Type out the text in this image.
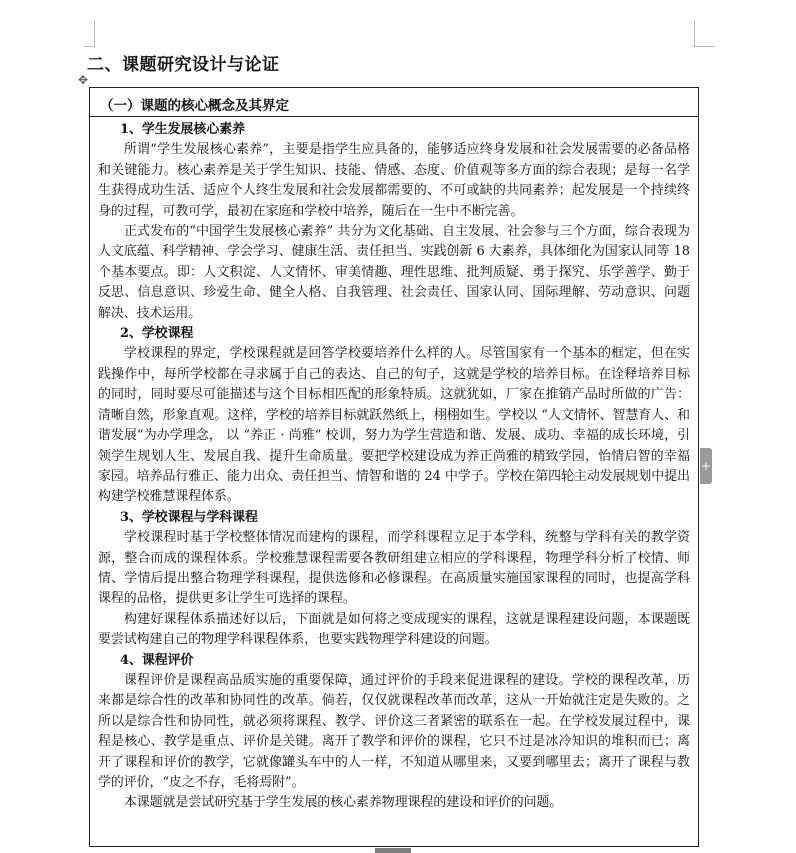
二、课题研究设计与论证
✥
（一）课题的核心概念及其界定
1、学生发展核心素养

所谓“学生发展核心素养”，主要是指学生应具备的，能够适应终身发展和社会发展需要的必备品格和关键能力。核心素养是关于学生知识、技能、情感、态度、价值观等多方面的综合表现；是每一名学生获得成功生活、适应个人终生发展和社会发展都需要的、不可或缺的共同素养；起发展是一个持续终身的过程，可教可学，最初在家庭和学校中培养，随后在一生中不断完善。

正式发布的“中国学生发展核心素养” 共分为文化基础、自主发展、社会参与三个方面，综合表现为人文底蕴、科学精神、学会学习、健康生活、责任担当、实践创新 6 大素养，具体细化为国家认同等 18 个基本要点。即：人文积淀、人文情怀、审美情趣、理性思维、批判质疑、勇于探究、乐学善学、勤于反思、信息意识、珍爱生命、健全人格、自我管理、社会责任、国家认同、国际理解、劳动意识、问题解决、技术运用。

2、学校课程

学校课程的界定，学校课程就是回答学校要培养什么样的人。尽管国家有一个基本的框定，但在实践操作中，每所学校都在寻求属于自己的表达、自己的句子，这就是学校的培养目标。在诠释培养目标的同时，同时要尽可能描述与这个目标相匹配的形象特质。这就犹如，厂家在推销产品时所做的广告：清晰自然，形象直观。这样，学校的培养目标就跃然纸上，栩栩如生。学校以 “人文情怀、智慧育人、和谐发展”为办学理念， 以 “养正 · 尚雅” 校训，努力为学生营造和谐、发展、成功、幸福的成长环境，引领学生规划人生、发展自我、提升生命质量。要把学校建设成为养正尚雅的精致学园，怡情启智的幸福家园。培养品行雅正、能力出众、责任担当、情智和谐的 24 中学子。学校在第四轮主动发展规划中提出构建学校雅慧课程体系。

3、学校课程与学科课程

学校课程时基于学校整体情况而建构的课程，而学科课程立足于本学科，统整与学科有关的教学资源，整合而成的课程体系。学校雅慧课程需要各教研组建立相应的学科课程，物理学科分析了校情、师情、学情后提出整合物理学科课程，提供选修和必修课程。在高质量实施国家课程的同时，也提高学科课程的品格，提供更多让学生可选择的课程。

构建好课程体系描述好以后，下面就是如何将之变成现实的课程，这就是课程建设问题，本课题既要尝试构建自己的物理学科课程体系，也要实践物理学科建设的问题。

4、课程评价

课程评价是课程高品质实施的重要保障，通过评价的手段来促进课程的建设。学校的课程改革，历来都是综合性的改革和协同性的改革。倘若，仅仅就课程改革而改革，这从一开始就注定是失败的。之所以是综合性和协同性，就必须将课程、教学、评价这三者紧密的联系在一起。在学校发展过程中，课程是核心、教学是重点、评价是关键。离开了教学和评价的课程，它只不过是冰冷知识的堆积而已；离开了课程和评价的教学，它就像罐头车中的人一样，不知道从哪里来，又要到哪里去；离开了课程与教学的评价，“皮之不存，毛将焉附”。

本课题就是尝试研究基于学生发展的核心素养物理课程的建设和评价的问题。

+
